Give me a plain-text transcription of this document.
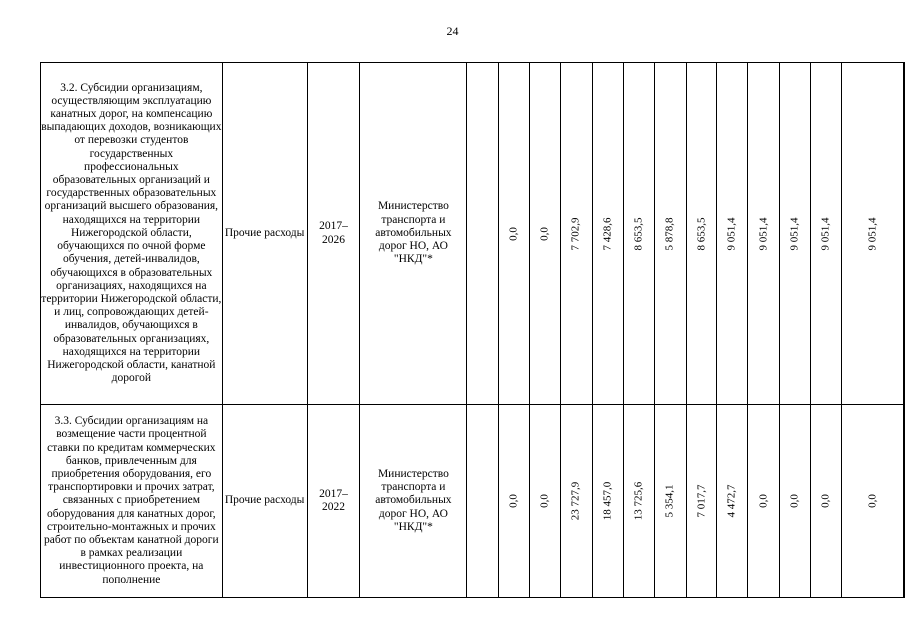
24
3.2. Субсидии организациям, осуществляющим эксплуатацию канатных дорог, на компенсацию выпадающих доходов, возникающих от перевозки студентов государственных профессиональных образовательных организаций и государственных образовательных организаций высшего образования, находящихся на территории Нижегородской области, обучающихся по очной форме обучения, детей-инвалидов, обучающихся в образовательных организациях, находящихся на территории Нижегородской области, и лиц, сопровождающих детей-инвалидов, обучающихся в образовательных организациях, находящихся на территории Нижегородской области, канатной дорогой	Прочие расходы	2017–
2026	Министерство транспорта и автомобильных дорог НО, АО "НКД"*		0,0	0,0	7 702,9	7 428,6	8 653,5	5 878,8	8 653,5	9 051,4	9 051,4	9 051,4	9 051,4	9 051,4

3.3. Субсидии организациям на возмещение части процентной ставки по кредитам коммерческих банков, привлеченным для приобретения оборудования, его транспортировки и прочих затрат, связанных с приобретением оборудования для канатных дорог, строительно-монтажных и прочих работ по объектам канатной дороги в рамках реализации инвестиционного проекта, на пополнение	Прочие расходы	2017–
2022	Министерство транспорта и автомобильных дорог НО, АО "НКД"*		0,0	0,0	23 727,9	18 457,0	13 725,6	5 354,1	7 017,7	4 472,7	0,0	0,0	0,0	0,0
